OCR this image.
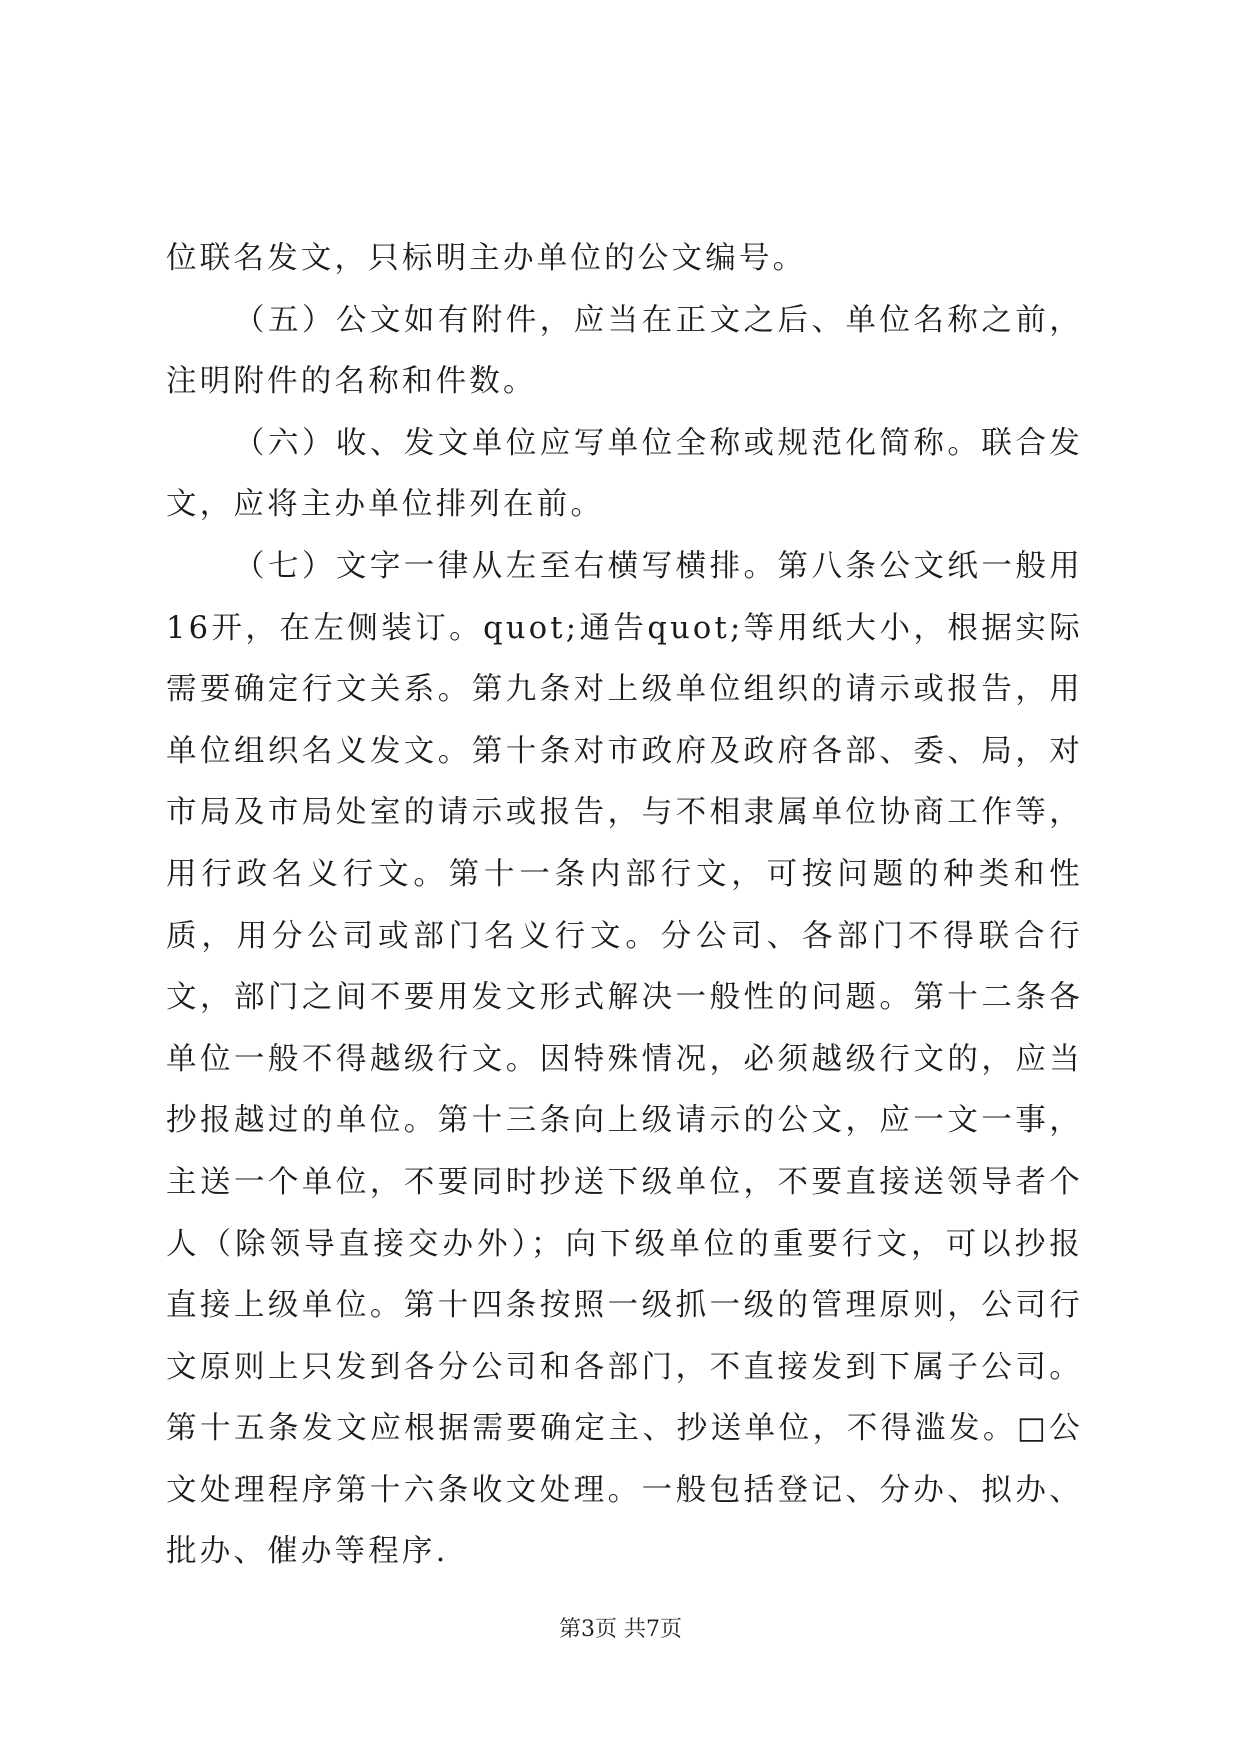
位联名发文，只标明主办单位的公文编号。

（五）公文如有附件，应当在正文之后、单位名称之前，注明附件的名称和件数。

（六）收、发文单位应写单位全称或规范化简称。联合发文，应将主办单位排列在前。

（七）文字一律从左至右横写横排。第八条公文纸一般用16开，在左侧装订。quot;通告quot;等用纸大小，根据实际需要确定行文关系。第九条对上级单位组织的请示或报告，用单位组织名义发文。第十条对市政府及政府各部、委、局，对市局及市局处室的请示或报告，与不相隶属单位协商工作等，用行政名义行文。第十一条内部行文，可按问题的种类和性质，用分公司或部门名义行文。分公司、各部门不得联合行文，部门之间不要用发文形式解决一般性的问题。第十二条各单位一般不得越级行文。因特殊情况，必须越级行文的，应当抄报越过的单位。第十三条向上级请示的公文，应一文一事，主送一个单位，不要同时抄送下级单位，不要直接送领导者个人（除领导直接交办外）；向下级单位的重要行文，可以抄报直接上级单位。第十四条按照一级抓一级的管理原则，公司行文原则上只发到各分公司和各部门，不直接发到下属子公司。第十五条发文应根据需要确定主、抄送单位，不得滥发。□公文处理程序第十六条收文处理。一般包括登记、分办、拟办、批办、催办等程序.

第3页 共7页
